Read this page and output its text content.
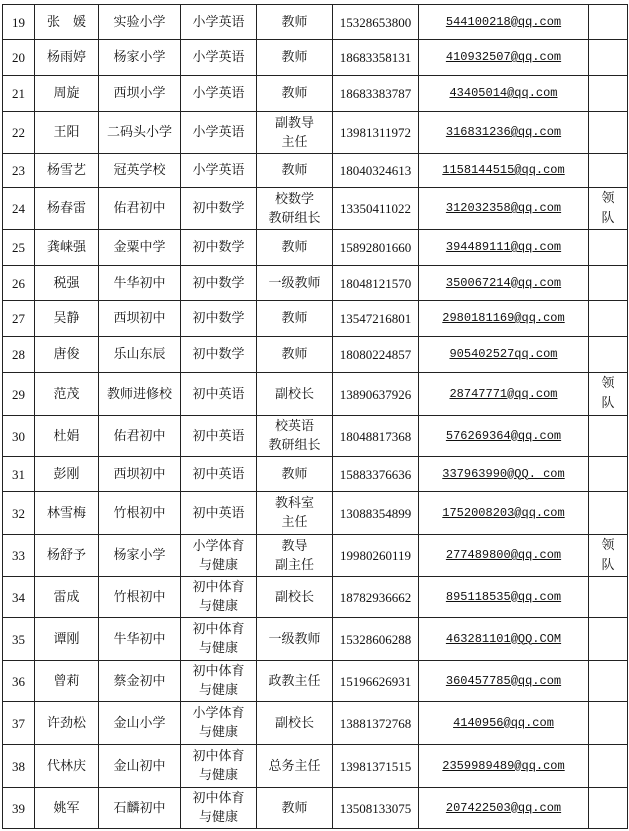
19	张　媛	实验小学	小学英语	教师	15328653800	544100218@qq.com	
20	杨雨婷	杨家小学	小学英语	教师	18683358131	410932507@qq.com	
21	周旋	西坝小学	小学英语	教师	18683383787	43405014@qq.com	
22	王阳	二码头小学	小学英语	副教导
主任	13981311972	316831236@qq.com	
23	杨雪艺	冠英学校	小学英语	教师	18040324613	1158144515@qq.com	
24	杨春雷	佑君初中	初中数学	校数学
教研组长	13350411022	312032358@qq.com	领
队
25	龚崃强	金粟中学	初中数学	教师	15892801660	394489111@qq.com	
26	税强	牛华初中	初中数学	一级教师	18048121570	350067214@qq.com	
27	吴静	西坝初中	初中数学	教师	13547216801	2980181169@qq.com	
28	唐俊	乐山东辰	初中数学	教师	18080224857	905402527qq.com	
29	范茂	教师进修校	初中英语	副校长	13890637926	28747771@qq.com	领
队
30	杜娟	佑君初中	初中英语	校英语
教研组长	18048817368	576269364@qq.com	
31	彭刚	西坝初中	初中英语	教师	15883376636	337963990@QQ. com	
32	林雪梅	竹根初中	初中英语	教科室
主任	13088354899	1752008203@qq.com	
33	杨舒予	杨家小学	小学体育
与健康	教导
副主任	19980260119	277489800@qq.com	领
队
34	雷成	竹根初中	初中体育
与健康	副校长	18782936662	895118535@qq.com	
35	谭刚	牛华初中	初中体育
与健康	一级教师	15328606288	463281101@QQ.COM	
36	曾莉	蔡金初中	初中体育
与健康	政教主任	15196626931	360457785@qq.com	
37	许劲松	金山小学	小学体育
与健康	副校长	13881372768	4140956@qq.com	
38	代林庆	金山初中	初中体育
与健康	总务主任	13981371515	2359989489@qq.com	
39	姚军	石麟初中	初中体育
与健康	教师	13508133075	207422503@qq.com	
